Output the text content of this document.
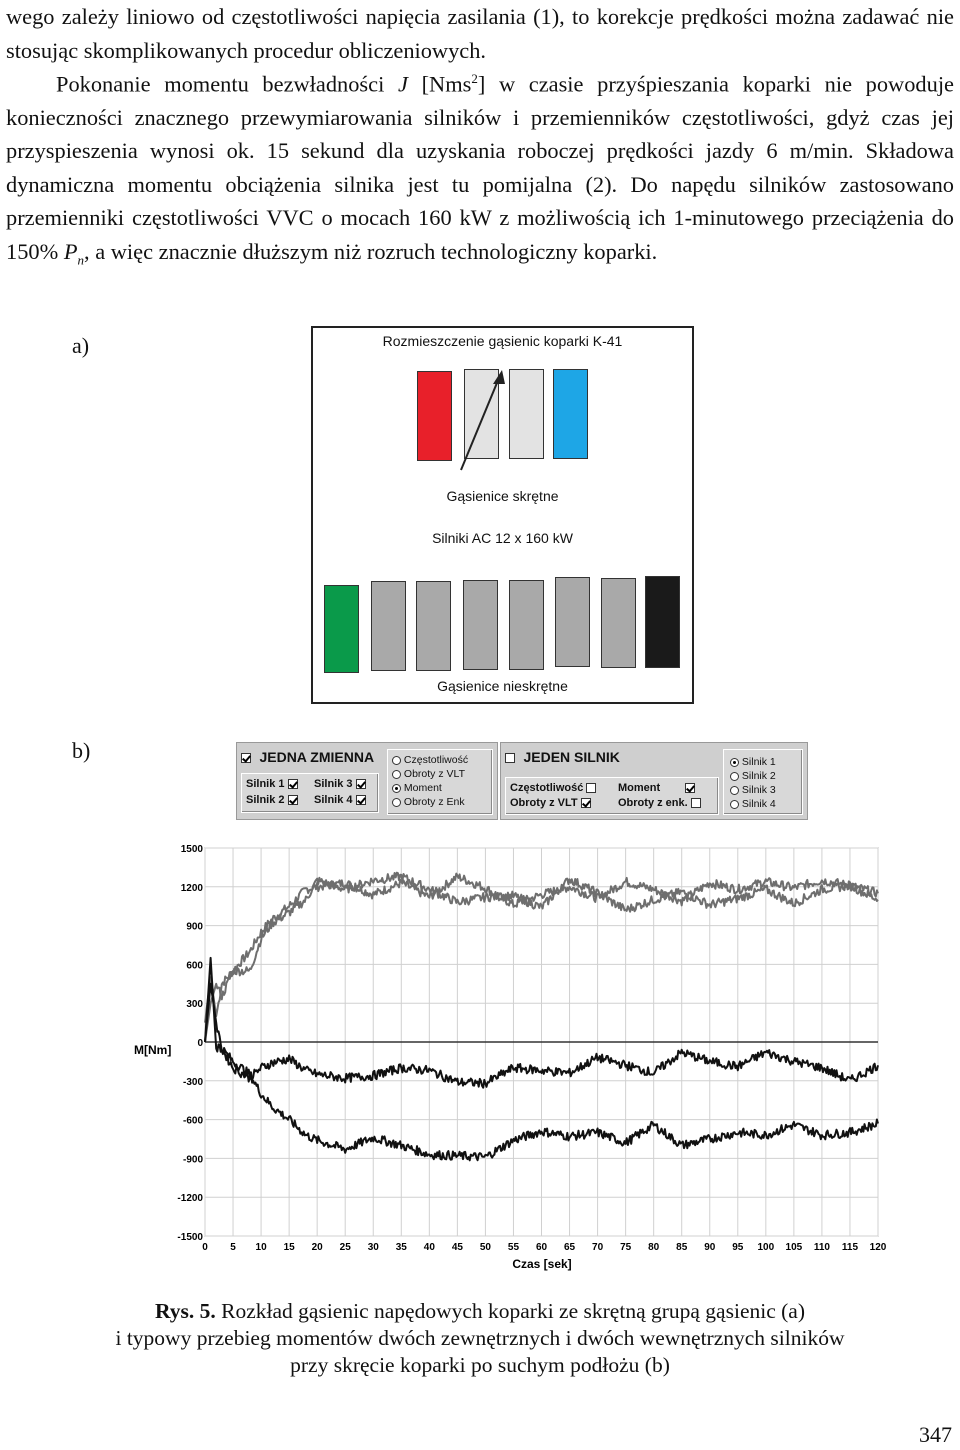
wego zależy liniowo od częstotliwości napięcia zasilania (1), to korekcje prędkości można zadawać nie stosując skomplikowanych procedur obliczeniowych.

Pokonanie momentu bezwładności J [Nms$^2$] w czasie przyśpieszania koparki nie powoduje konieczności znacznego przewymiarowania silników i przemienników częstotliwości, gdyż czas jej przyspieszenia wynosi ok. 15 sekund dla uzyskania roboczej prędkości jazdy 6 m/min. Składowa dynamiczna momentu obciążenia silnika jest tu pomijalna (2). Do napędu silników zastosowano przemienniki częstotliwości VVC o mocach 160 kW z możliwością ich 1-minutowego przeciążenia do 150% $P_n$, a więc znacznie dłuższym niż rozruch technologiczny koparki.

a)	Rozmieszczenie gąsienic koparki K-41
Gąsienice skrętne
Silniki AC 12 x 160 kW
Gąsienice nieskrętne
b)	JEDNA ZMIENNA
Silnik 1
Silnik 2
Silnik 3
Silnik 4
Częstotliwość
Obroty z VLT
Moment
Obroty z Enk
JEDEN SILNIK
Częstotliwość
Obroty z VLT
Moment
Obroty z enk.
Silnik 1
Silnik 2
Silnik 3
Silnik 4
1500
1200
900
600
300
0
-300
-600
-900
-1200
-1500
0 5 10 15 20 25 30 35 40 45 50 55 60 65 70 75 80 85 90 95 100 105 110 115 120
M[Nm]
Czas [sek]
Rys. 5. Rozkład gąsienic napędowych koparki ze skrętną grupą gąsienic (a)
i typowy przebieg momentów dwóch zewnętrznych i dwóch wewnętrznych silników
przy skręcie koparki po suchym podłożu (b)
347
